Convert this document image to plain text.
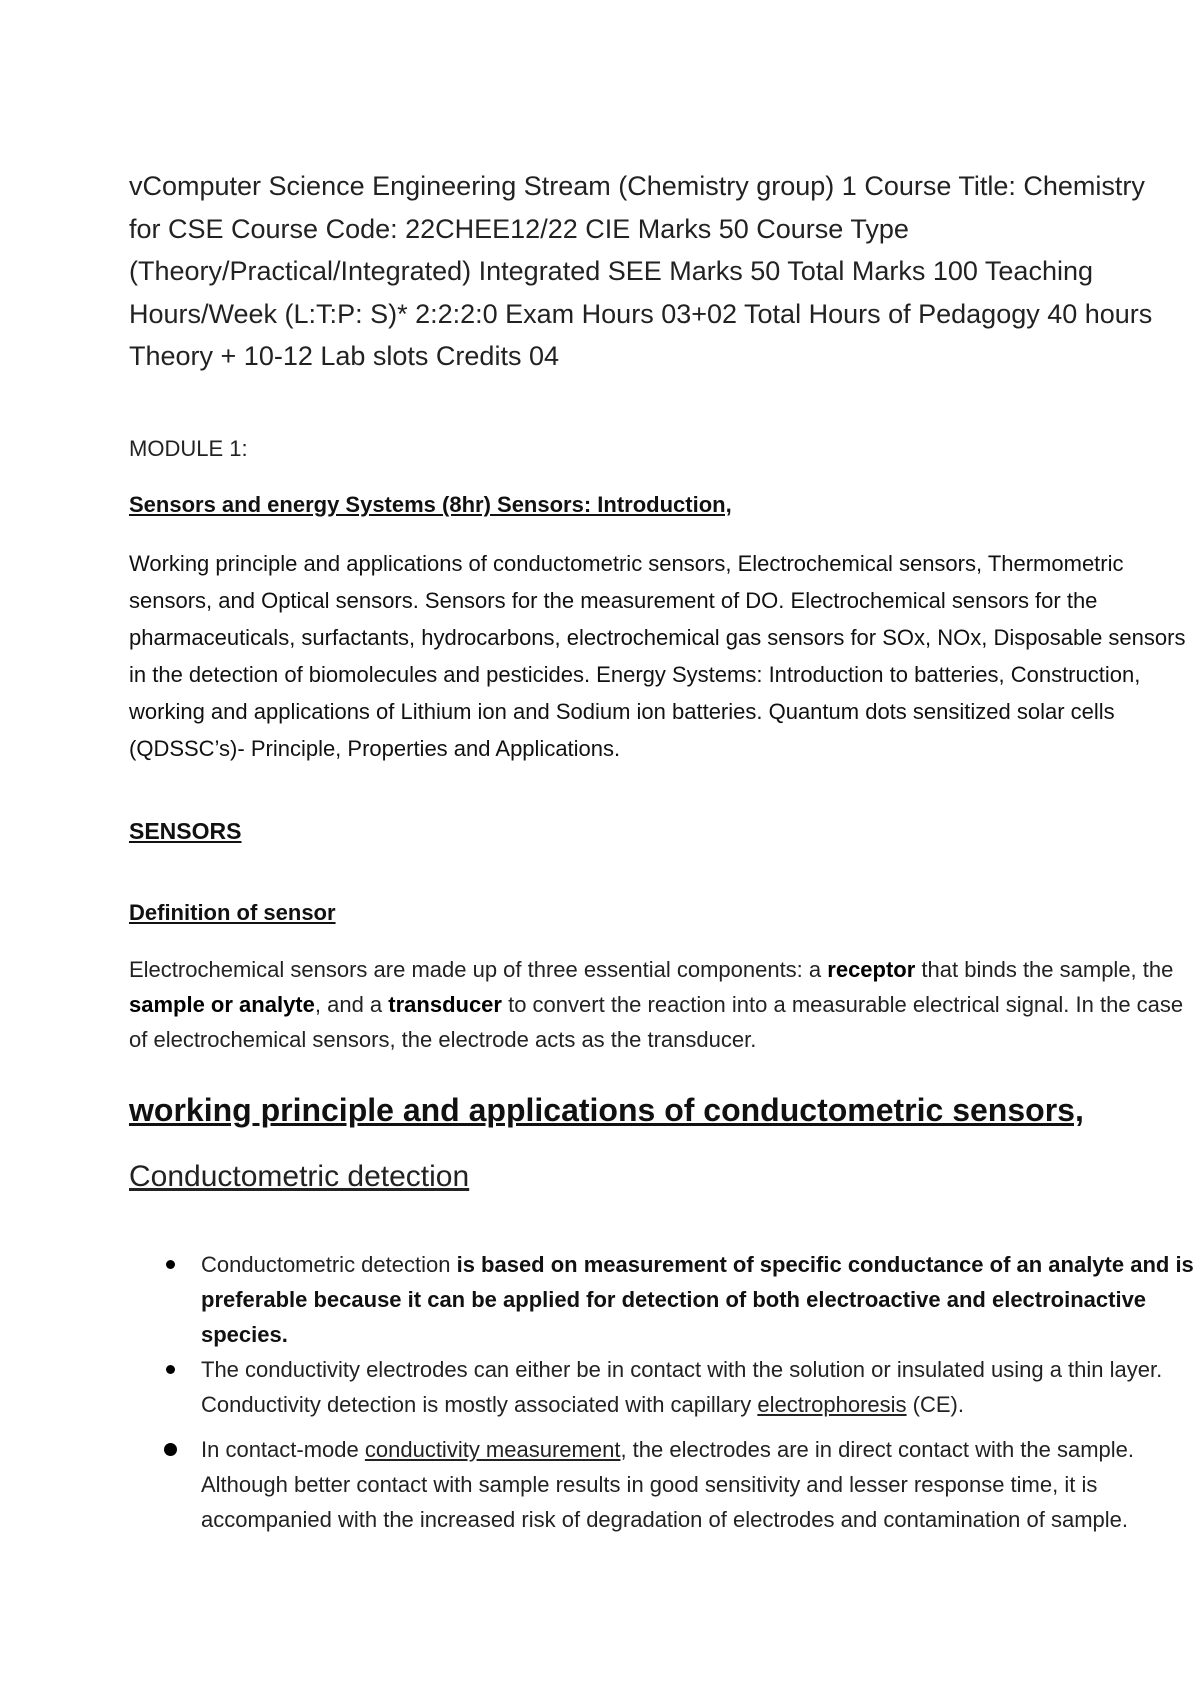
vComputer Science Engineering Stream (Chemistry group) 1 Course Title: Chemistry for CSE Course Code: 22CHEE12/22 CIE Marks 50 Course Type (Theory/Practical/Integrated) Integrated SEE Marks 50 Total Marks 100 Teaching Hours/Week (L:T:P: S)* 2:2:2:0 Exam Hours 03+02 Total Hours of Pedagogy 40 hours Theory + 10-12 Lab slots Credits 04

MODULE 1:

Sensors and energy Systems (8hr) Sensors: Introduction,

Working principle and applications of conductometric sensors, Electrochemical sensors, Thermometric sensors, and Optical sensors. Sensors for the measurement of DO. Electrochemical sensors for the pharmaceuticals, surfactants, hydrocarbons, electrochemical gas sensors for SOx, NOx, Disposable sensors in the detection of biomolecules and pesticides. Energy Systems: Introduction to batteries, Construction, working and applications of Lithium ion and Sodium ion batteries. Quantum dots sensitized solar cells (QDSSC’s)- Principle, Properties and Applications.

SENSORS
Definition of sensor

Electrochemical sensors are made up of three essential components: a receptor that binds the sample, the sample or analyte, and a transducer to convert the reaction into a measurable electrical signal. In the case of electrochemical sensors, the electrode acts as the transducer.

working principle and applications of conductometric sensors,
Conductometric detection
Conductometric detection is based on measurement of specific conductance of an analyte and is preferable because it can be applied for detection of both electroactive and electroinactive species.
The conductivity electrodes can either be in contact with the solution or insulated using a thin layer. Conductivity detection is mostly associated with capillary electrophoresis (CE).
In contact-mode conductivity measurement, the electrodes are in direct contact with the sample. Although better contact with sample results in good sensitivity and lesser response time, it is accompanied with the increased risk of degradation of electrodes and contamination of sample.
